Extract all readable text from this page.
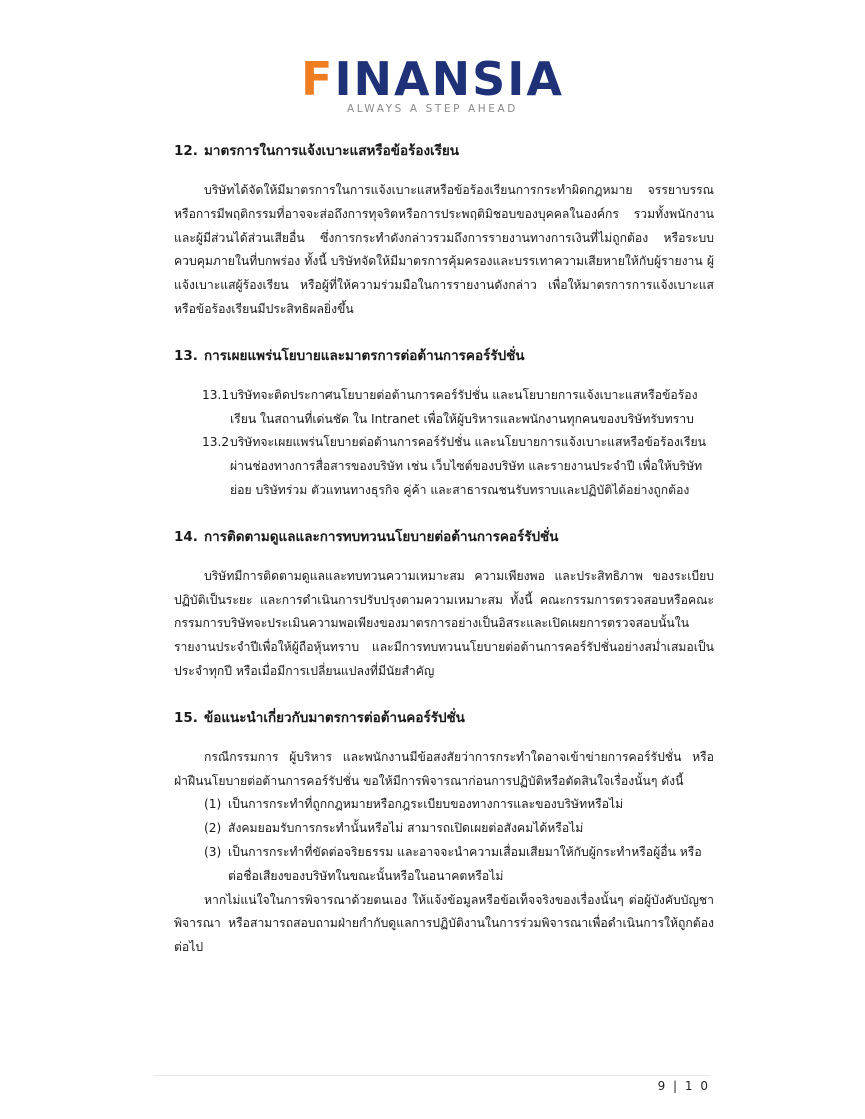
FINANSIA
ALWAYS A STEP AHEAD
12. มาตรการในการแจ้งเบาะแสหรือข้อร้องเรียน

บริษัทได้จัดให้มีมาตรการในการแจ้งเบาะแสหรือข้อร้องเรียนการกระทำผิดกฎหมาย จรรยาบรรณ หรือการมีพฤติกรรมที่อาจจะส่อถึงการทุจริตหรือการประพฤติมิชอบของบุคคลในองค์กร รวมทั้งพนักงานและผู้มีส่วนได้ส่วนเสียอื่น ซึ่งการกระทำดังกล่าวรวมถึงการรายงานทางการเงินที่ไม่ถูกต้อง หรือระบบควบคุมภายในที่บกพร่อง ทั้งนี้ บริษัทจัดให้มีมาตรการคุ้มครองและบรรเทาความเสียหายให้กับผู้รายงาน ผู้แจ้งเบาะแสผู้ร้องเรียน หรือผู้ที่ให้ความร่วมมือในการรายงานดังกล่าว เพื่อให้มาตรการการแจ้งเบาะแสหรือข้อร้องเรียนมีประสิทธิผลยิ่งขึ้น

13. การเผยแพร่นโยบายและมาตรการต่อต้านการคอร์รัปชั่น

13.1 บริษัทจะติดประกาศนโยบายต่อต้านการคอร์รัปชั่น และนโยบายการแจ้งเบาะแสหรือข้อร้องเรียน ในสถานที่เด่นชัด ใน Intranet เพื่อให้ผู้บริหารและพนักงานทุกคนของบริษัทรับทราบ

13.2 บริษัทจะเผยแพร่นโยบายต่อต้านการคอร์รัปชั่น และนโยบายการแจ้งเบาะแสหรือข้อร้องเรียนผ่านช่องทางการสื่อสารของบริษัท เช่น เว็บไซต์ของบริษัท และรายงานประจำปี เพื่อให้บริษัทย่อย บริษัทร่วม ตัวแทนทางธุรกิจ คู่ค้า และสาธารณชนรับทราบและปฏิบัติได้อย่างถูกต้อง

14. การติดตามดูแลและการทบทวนนโยบายต่อต้านการคอร์รัปชั่น

บริษัทมีการติดตามดูแลและทบทวนความเหมาะสม ความเพียงพอ และประสิทธิภาพ ของระเบียบปฏิบัติเป็นระยะ และการดำเนินการปรับปรุงตามความเหมาะสม ทั้งนี้ คณะกรรมการตรวจสอบหรือคณะกรรมการบริษัทจะประเมินความพอเพียงของมาตรการอย่างเป็นอิสระและเปิดเผยการตรวจสอบนั้นในรายงานประจำปีเพื่อให้ผู้ถือหุ้นทราบ และมีการทบทวนนโยบายต่อต้านการคอร์รัปชั่นอย่างสม่ำเสมอเป็นประจำทุกปี หรือเมื่อมีการเปลี่ยนแปลงที่มีนัยสำคัญ

15. ข้อแนะนำเกี่ยวกับมาตรการต่อต้านคอร์รัปชั่น

กรณีกรรมการ ผู้บริหาร และพนักงานมีข้อสงสัยว่าการกระทำใดอาจเข้าข่ายการคอร์รัปชั่น หรือฝ่าฝืนนโยบายต่อต้านการคอร์รัปชั่น ขอให้มีการพิจารณาก่อนการปฏิบัติหรือตัดสินใจเรื่องนั้นๆ ดังนี้

(1) เป็นการกระทำที่ถูกกฎหมายหรือกฎระเบียบของทางการและของบริษัทหรือไม่

(2) สังคมยอมรับการกระทำนั้นหรือไม่ สามารถเปิดเผยต่อสังคมได้หรือไม่

(3) เป็นการกระทำที่ขัดต่อจริยธรรม และอาจจะนำความเสื่อมเสียมาให้กับผู้กระทำหรือผู้อื่น หรือต่อชื่อเสียงของบริษัทในขณะนั้นหรือในอนาคตหรือไม่

หากไม่แน่ใจในการพิจารณาด้วยตนเอง ให้แจ้งข้อมูลหรือข้อเท็จจริงของเรื่องนั้นๆ ต่อผู้บังคับบัญชาพิจารณา หรือสามารถสอบถามฝ่ายกำกับดูแลการปฏิบัติงานในการร่วมพิจารณาเพื่อดำเนินการให้ถูกต้องต่อไป

9 | 1 0
